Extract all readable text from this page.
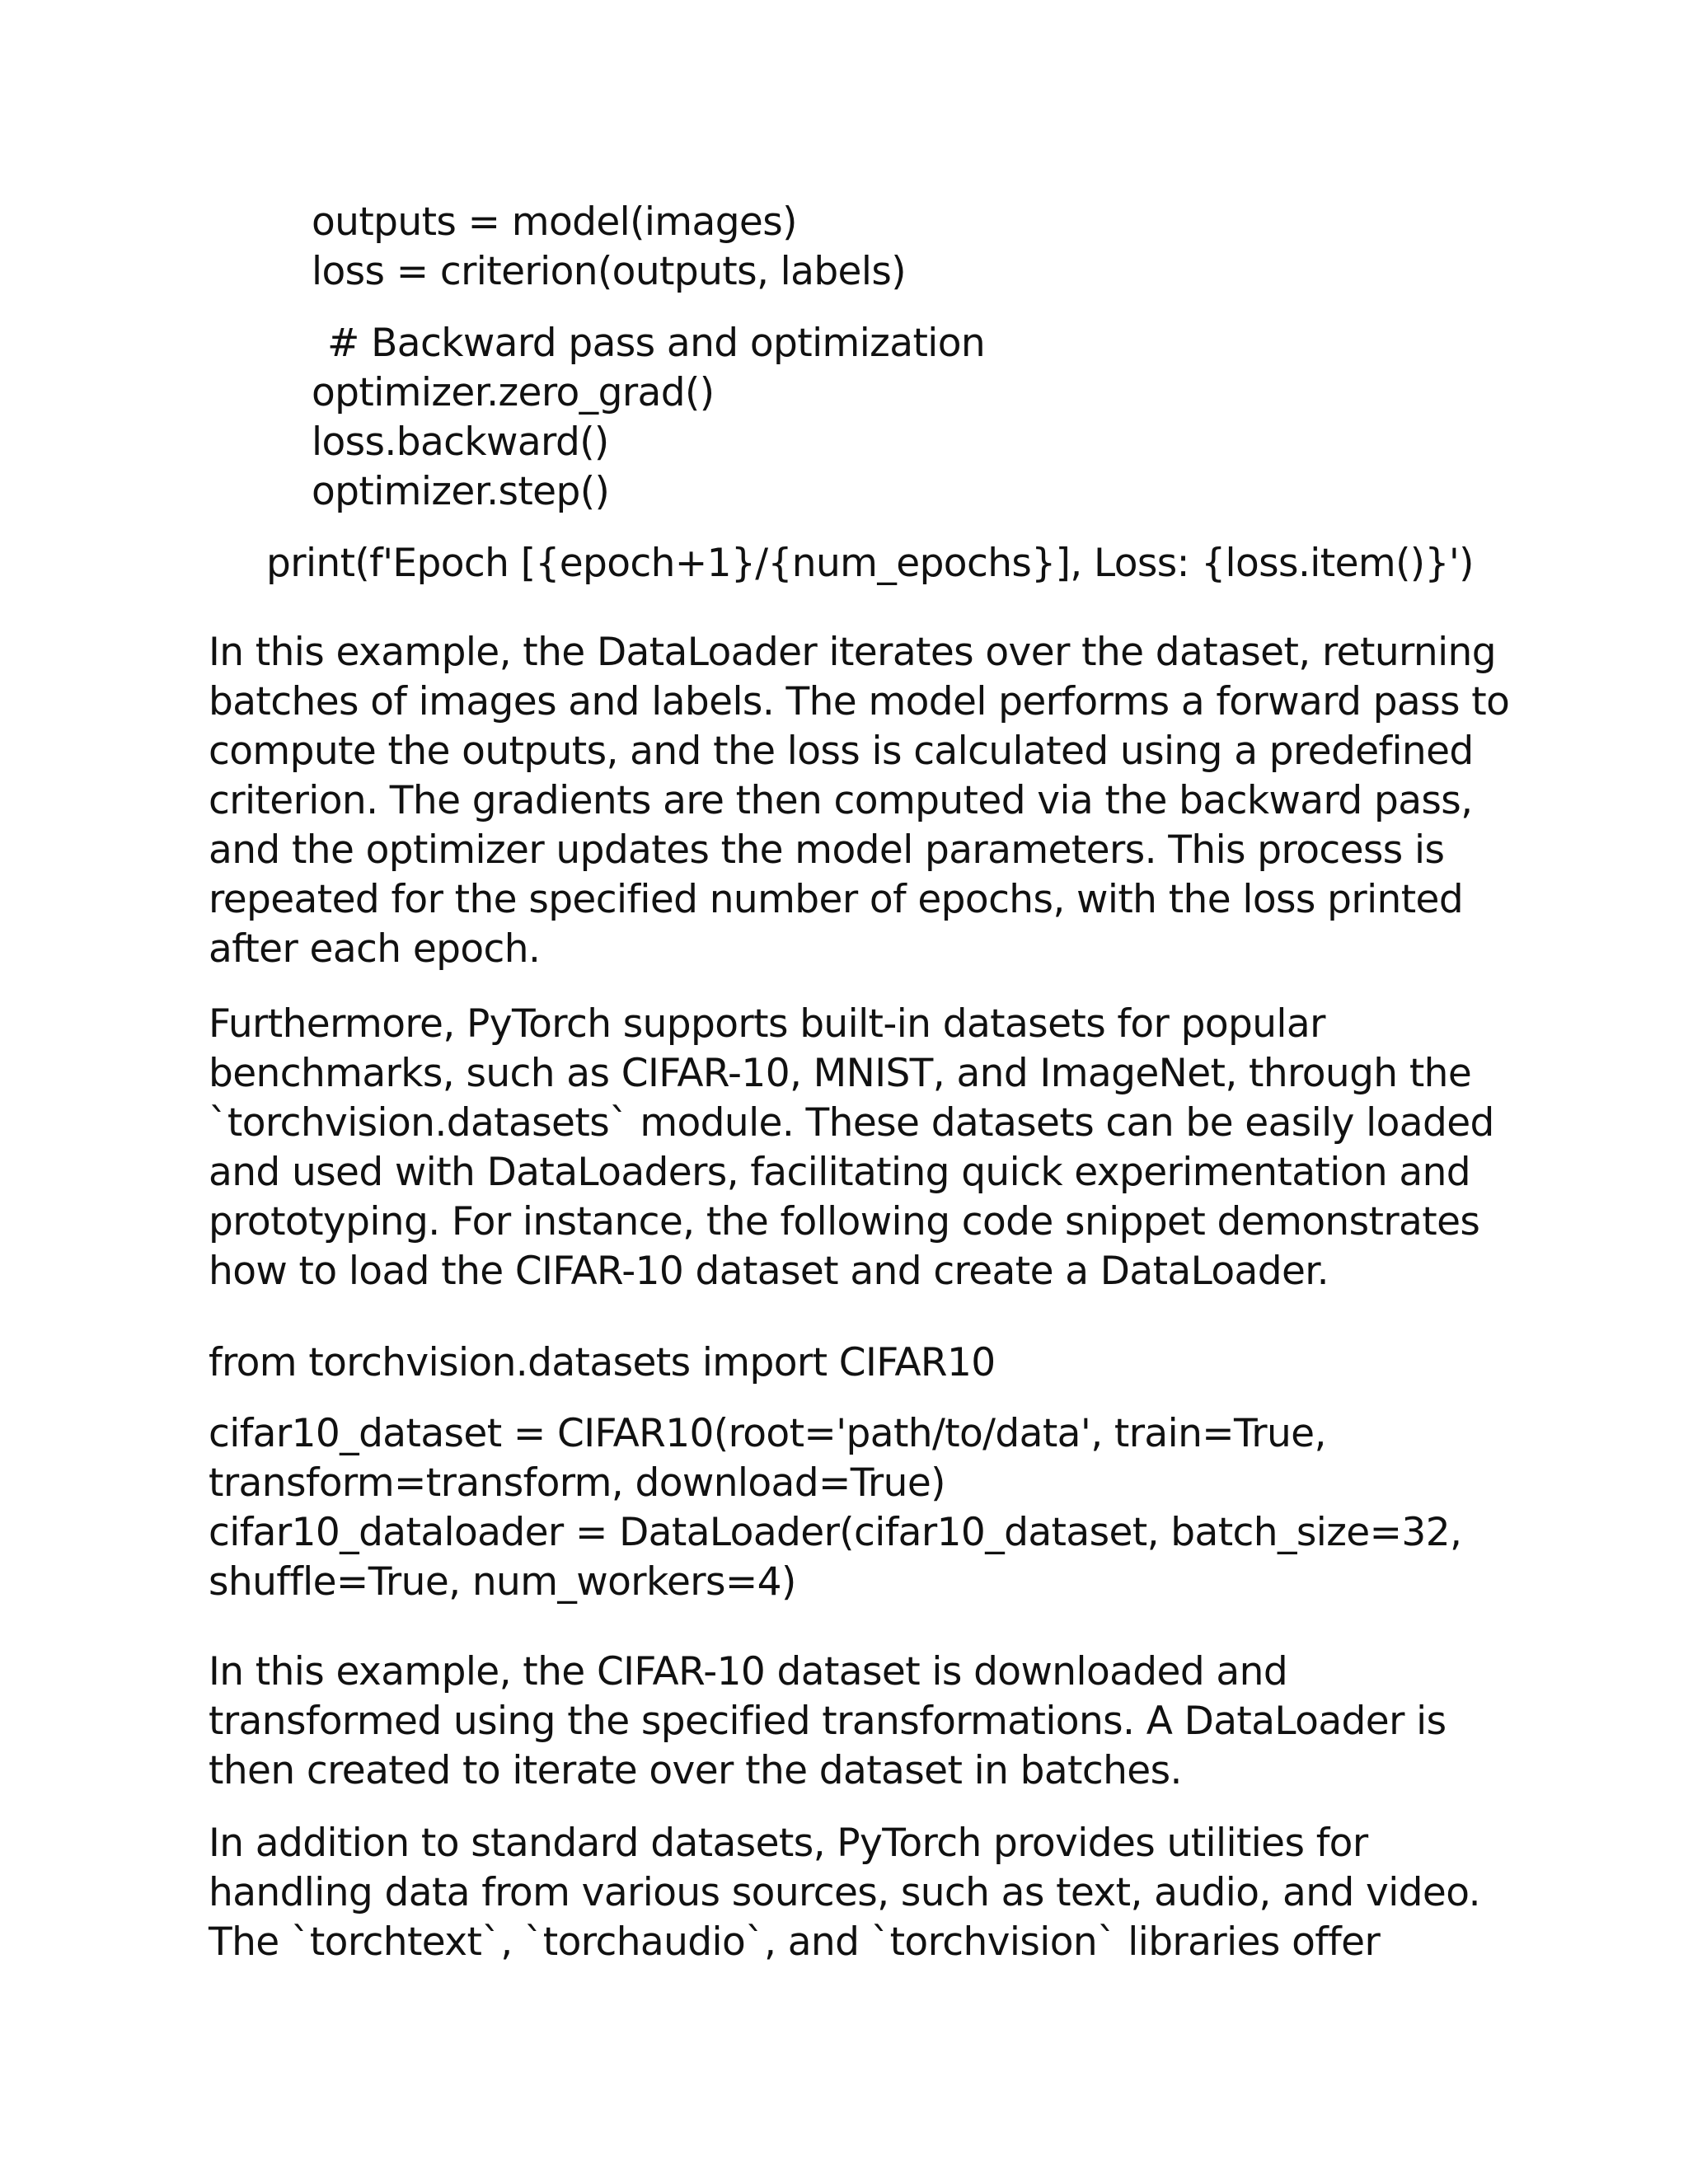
outputs = model(images)

loss = criterion(outputs, labels)

# Backward pass and optimization

optimizer.zero_grad()

loss.backward()

optimizer.step()

print(f'Epoch [{epoch+1}/{num_epochs}], Loss: {loss.item()}')

In this example, the DataLoader iterates over the dataset, returning

batches of images and labels. The model performs a forward pass to

compute the outputs, and the loss is calculated using a predefined

criterion. The gradients are then computed via the backward pass,

and the optimizer updates the model parameters. This process is

repeated for the specified number of epochs, with the loss printed

after each epoch.

Furthermore, PyTorch supports built-in datasets for popular

benchmarks, such as CIFAR-10, MNIST, and ImageNet, through the

`torchvision.datasets` module. These datasets can be easily loaded

and used with DataLoaders, facilitating quick experimentation and

prototyping. For instance, the following code snippet demonstrates

how to load the CIFAR-10 dataset and create a DataLoader.

from torchvision.datasets import CIFAR10

cifar10_dataset = CIFAR10(root='path/to/data', train=True,

transform=transform, download=True)

cifar10_dataloader = DataLoader(cifar10_dataset, batch_size=32,

shuffle=True, num_workers=4)

In this example, the CIFAR-10 dataset is downloaded and

transformed using the specified transformations. A DataLoader is

then created to iterate over the dataset in batches.

In addition to standard datasets, PyTorch provides utilities for

handling data from various sources, such as text, audio, and video.

The `torchtext`, `torchaudio`, and `torchvision` libraries offer
